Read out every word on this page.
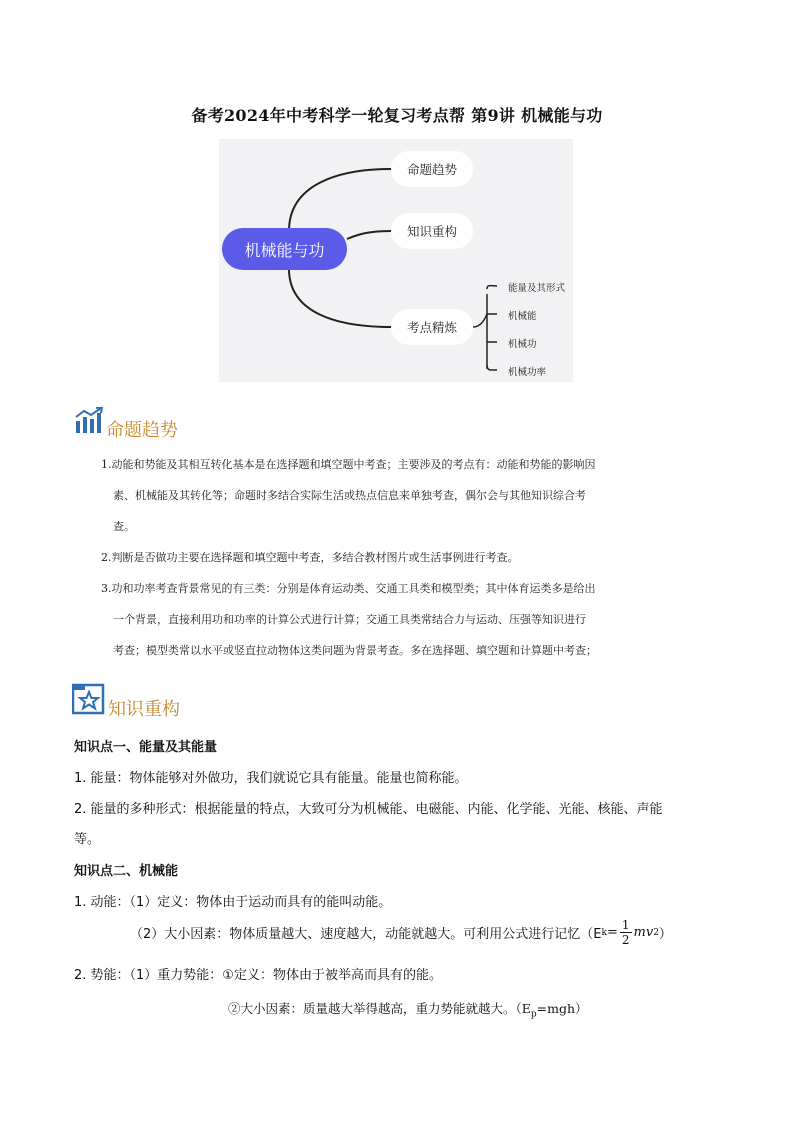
备考2024年中考科学一轮复习考点帮 第9讲 机械能与功
机械能与功
命题趋势
知识重构
考点精炼
能量及其形式
机械能
机械功
机械功率
命题趋势

1.动能和势能及其相互转化基本是在选择题和填空题中考查；主要涉及的考点有：动能和势能的影响因

素、机械能及其转化等；命题时多结合实际生活或热点信息来单独考查，偶尔会与其他知识综合考

查。

2.判断是否做功主要在选择题和填空题中考查，多结合教材图片或生活事例进行考查。

3.功和功率考查背景常见的有三类：分别是体育运动类、交通工具类和模型类；其中体育运类多是给出

一个背景，直接利用功和功率的计算公式进行计算；交通工具类常结合力与运动、压强等知识进行

考查；模型类常以水平或竖直拉动物体这类问题为背景考查。多在选择题、填空题和计算题中考查；

知识重构
知识点一、能量及其能量
1. 能量：物体能够对外做功，我们就说它具有能量。能量也简称能。
2. 能量的多种形式：根据能量的特点，大致可分为机械能、电磁能、内能、化学能、光能、核能、声能
等。
知识点二、机械能
1. 动能：（1）定义：物体由于运动而具有的能叫动能。
（2）大小因素：物体质量越大、速度越大，动能就越大。可利用公式进行记忆（E $k = \frac{1}{2}$ mv 2 ）
2. 势能：（1）重力势能：①定义：物体由于被举高而具有的能。
②大小因素：质量越大举得越高，重力势能就越大。$(E_p=mgh)$
